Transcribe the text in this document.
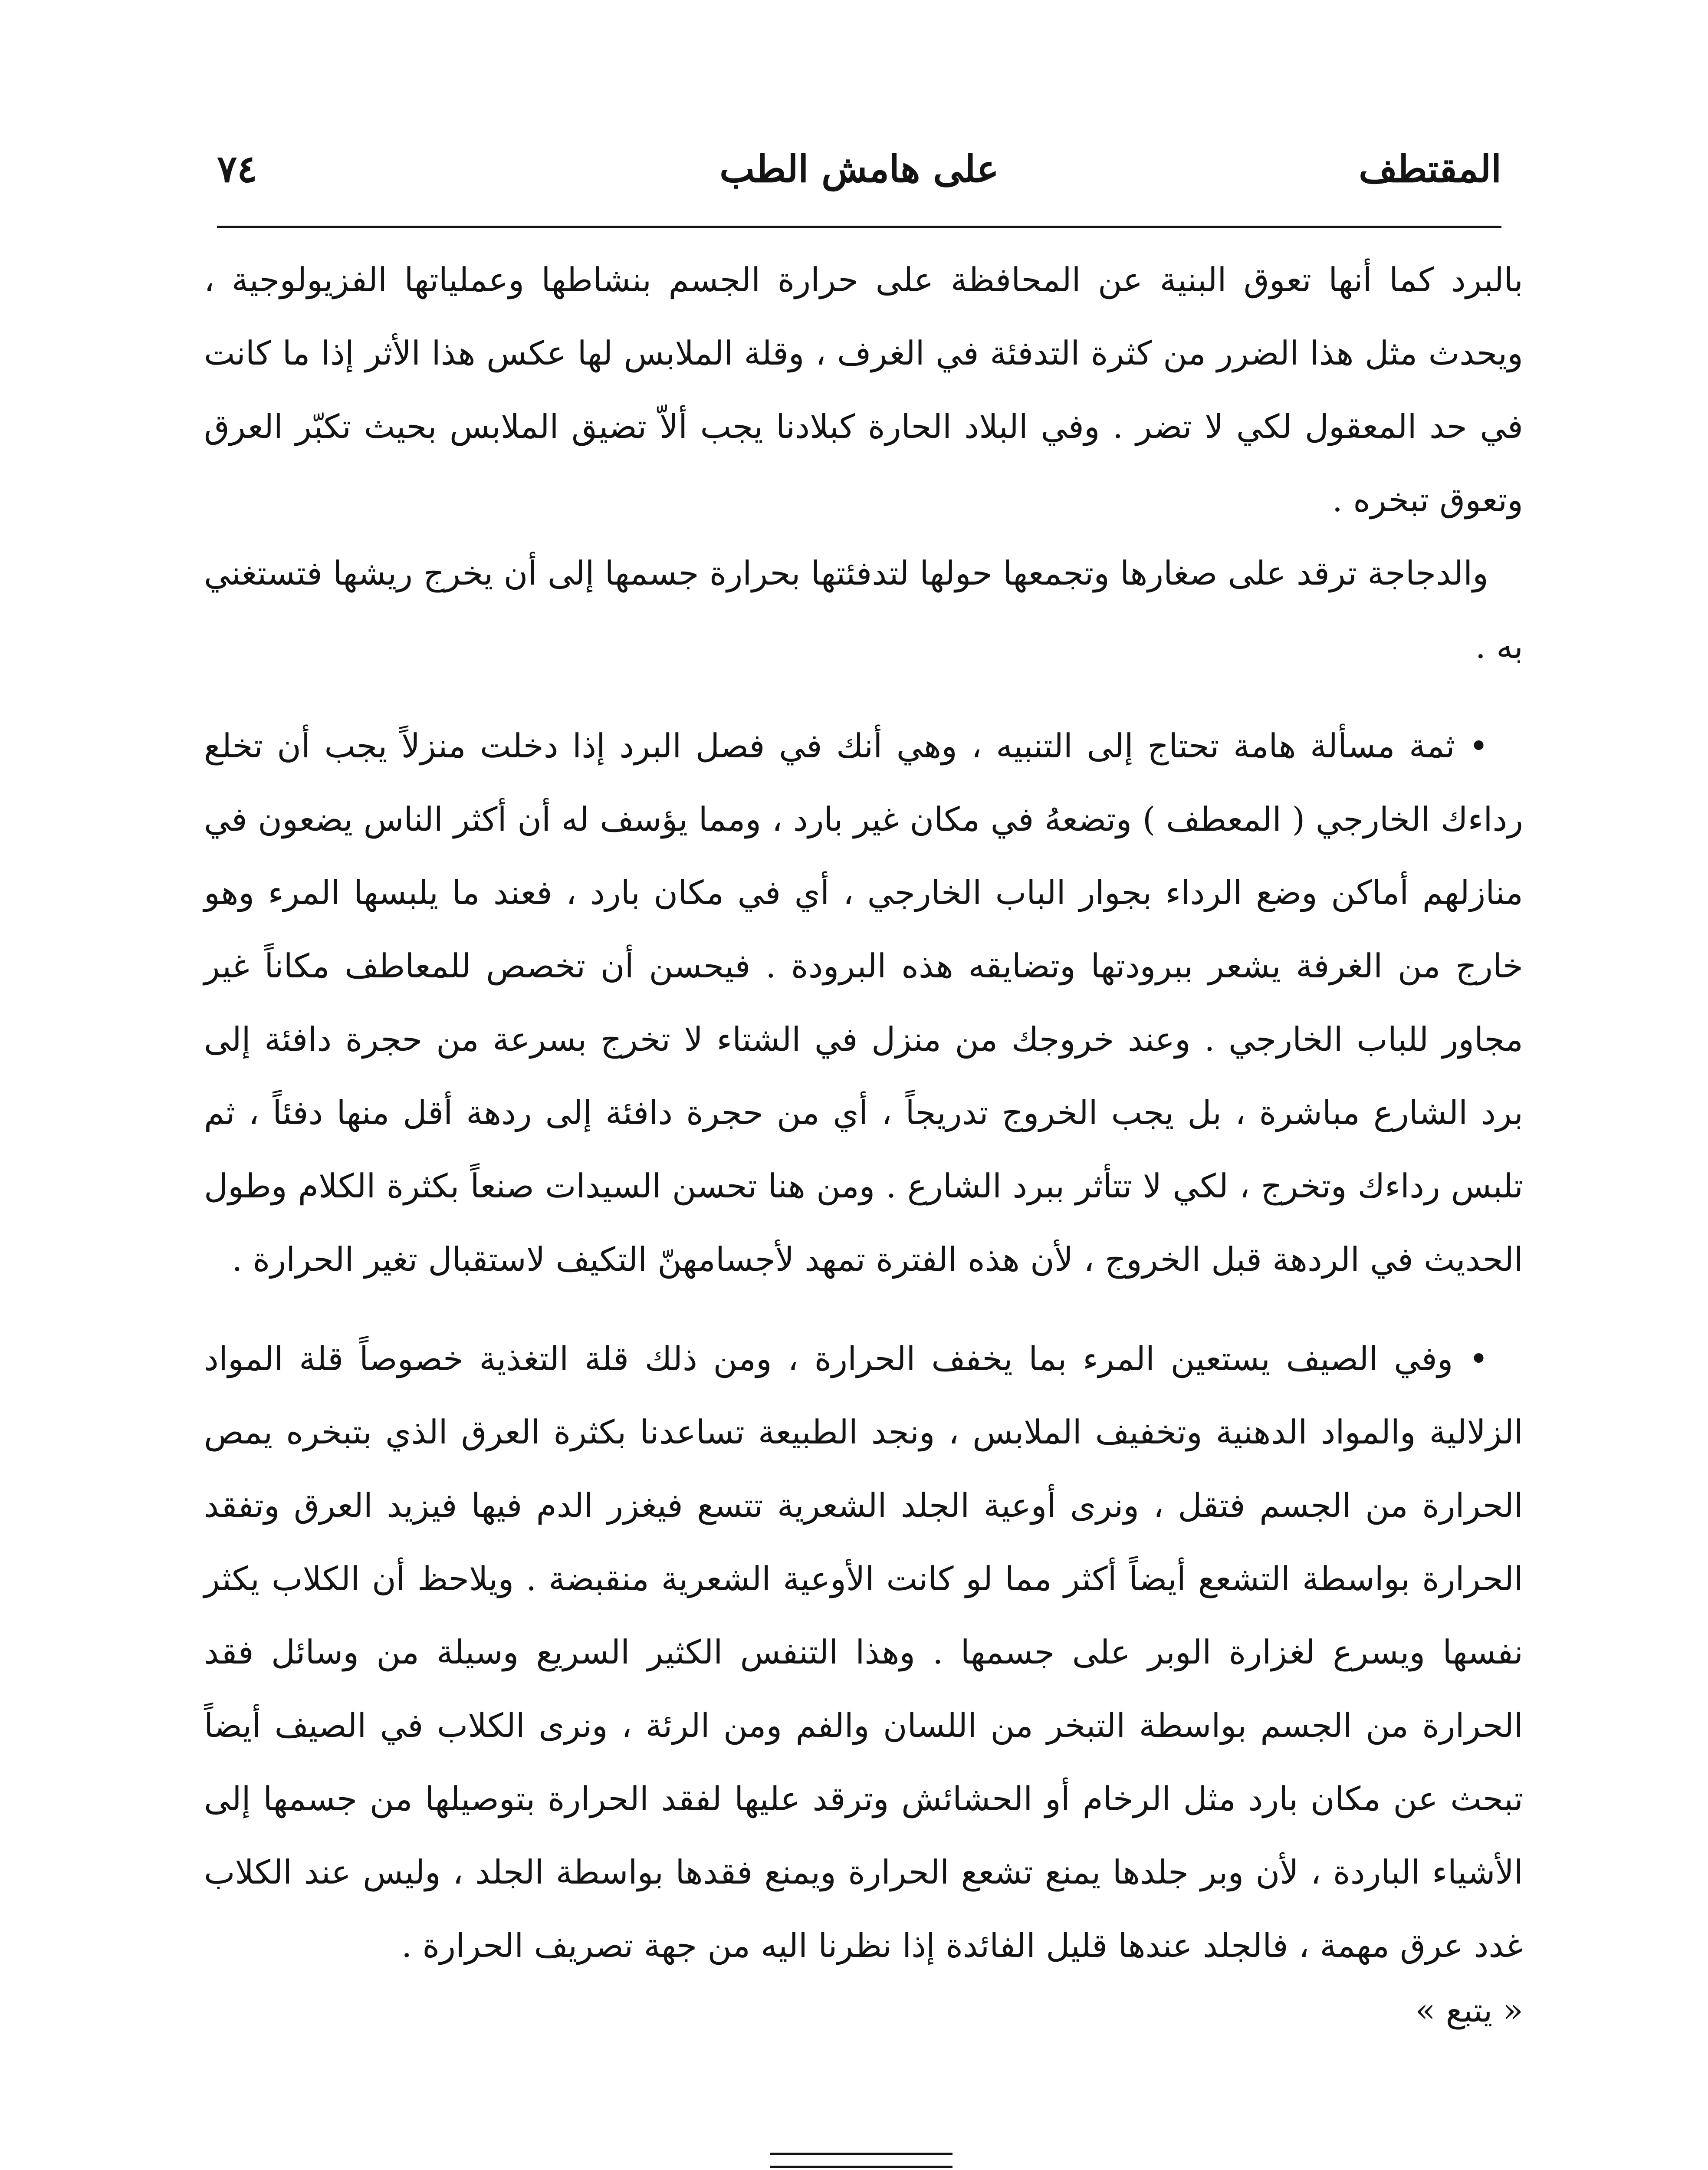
٧٤	على هامش الطب	المقتطف

بالبرد كما أنها تعوق البنية عن المحافظة على حرارة الجسم بنشاطها وعملياتها الفزيولوجية ، ويحدث مثل هذا الضرر من كثرة التدفئة في الغرف ، وقلة الملابس لها عكس هذا الأثر إذا ما كانت في حد المعقول لكي لا تضر . وفي البلاد الحارة كبلادنا يجب ألاّ تضيق الملابس بحيث تكبّر العرق وتعوق تبخره .

والدجاجة ترقد على صغارها وتجمعها حولها لتدفئتها بحرارة جسمها إلى أن يخرج ريشها فتستغني به .

• ثمة مسألة هامة تحتاج إلى التنبيه ، وهي أنك في فصل البرد إذا دخلت منزلاً يجب أن تخلع رداءك الخارجي ( المعطف ) وتضعهُ في مكان غير بارد ، ومما يؤسف له أن أكثر الناس يضعون في منازلهم أماكن وضع الرداء بجوار الباب الخارجي ، أي في مكان بارد ، فعند ما يلبسها المرء وهو خارج من الغرفة يشعر ببرودتها وتضايقه هذه البرودة . فيحسن أن تخصص للمعاطف مكاناً غير مجاور للباب الخارجي . وعند خروجك من منزل في الشتاء لا تخرج بسرعة من حجرة دافئة إلى برد الشارع مباشرة ، بل يجب الخروج تدريجاً ، أي من حجرة دافئة إلى ردهة أقل منها دفئاً ، ثم تلبس رداءك وتخرج ، لكي لا تتأثر ببرد الشارع . ومن هنا تحسن السيدات صنعاً بكثرة الكلام وطول الحديث في الردهة قبل الخروج ، لأن هذه الفترة تمهد لأجسامهنّ التكيف لاستقبال تغير الحرارة .

• وفي الصيف يستعين المرء بما يخفف الحرارة ، ومن ذلك قلة التغذية خصوصاً قلة المواد الزلالية والمواد الدهنية وتخفيف الملابس ، ونجد الطبيعة تساعدنا بكثرة العرق الذي بتبخره يمص الحرارة من الجسم فتقل ، ونرى أوعية الجلد الشعرية تتسع فيغزر الدم فيها فيزيد العرق وتفقد الحرارة بواسطة التشعع أيضاً أكثر مما لو كانت الأوعية الشعرية منقبضة . ويلاحظ أن الكلاب يكثر نفسها ويسرع لغزارة الوبر على جسمها . وهذا التنفس الكثير السريع وسيلة من وسائل فقد الحرارة من الجسم بواسطة التبخر من اللسان والفم ومن الرئة ، ونرى الكلاب في الصيف أيضاً تبحث عن مكان بارد مثل الرخام أو الحشائش وترقد عليها لفقد الحرارة بتوصيلها من جسمها إلى الأشياء الباردة ، لأن وبر جلدها يمنع تشعع الحرارة ويمنع فقدها بواسطة الجلد ، وليس عند الكلاب غدد عرق مهمة ، فالجلد عندها قليل الفائدة إذا نظرنا اليه من جهة تصريف الحرارة .

« يتبع »
